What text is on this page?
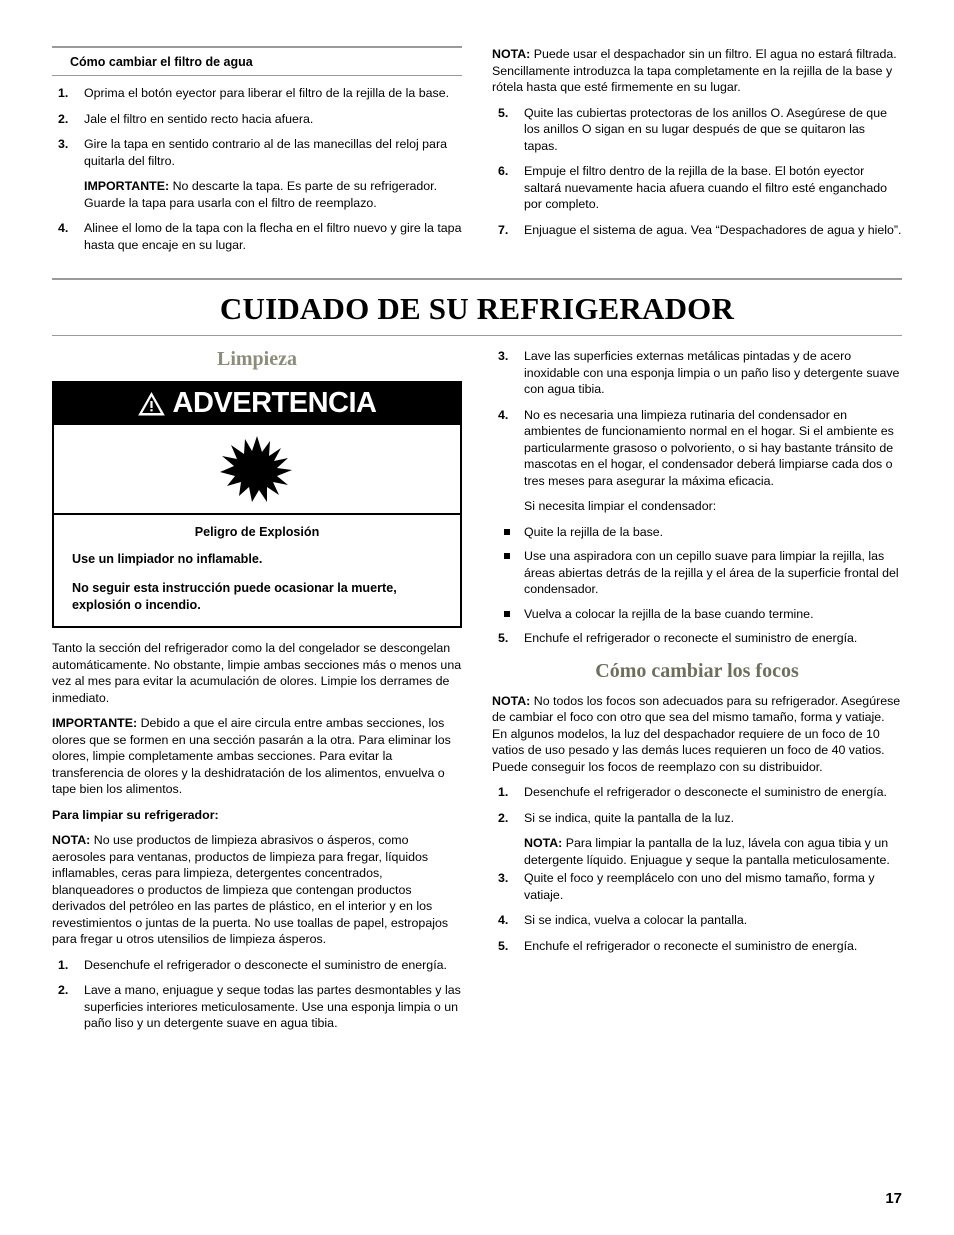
Cómo cambiar el filtro de agua
1. Oprima el botón eyector para liberar el filtro de la rejilla de la base.
2. Jale el filtro en sentido recto hacia afuera.
3. Gire la tapa en sentido contrario al de las manecillas del reloj para quitarla del filtro.

IMPORTANTE: No descarte la tapa. Es parte de su refrigerador. Guarde la tapa para usarla con el filtro de reemplazo.

4. Alinee el lomo de la tapa con la flecha en el filtro nuevo y gire la tapa hasta que encaje en su lugar.

NOTA: Puede usar el despachador sin un filtro. El agua no estará filtrada. Sencillamente introduzca la tapa completamente en la rejilla de la base y rótela hasta que esté firmemente en su lugar.

5. Quite las cubiertas protectoras de los anillos O. Asegúrese de que los anillos O sigan en su lugar después de que se quitaron las tapas.
6. Empuje el filtro dentro de la rejilla de la base. El botón eyector saltará nuevamente hacia afuera cuando el filtro esté enganchado por completo.
7. Enjuague el sistema de agua. Vea “Despachadores de agua y hielo”.
CUIDADO DE SU REFRIGERADOR
Limpieza
ADVERTENCIA
Peligro de Explosión
Use un limpiador no inflamable.
No seguir esta instrucción puede ocasionar la muerte, explosión o incendio.

Tanto la sección del refrigerador como la del congelador se descongelan automáticamente. No obstante, limpie ambas secciones más o menos una vez al mes para evitar la acumulación de olores. Limpie los derrames de inmediato.

IMPORTANTE: Debido a que el aire circula entre ambas secciones, los olores que se formen en una sección pasarán a la otra. Para eliminar los olores, limpie completamente ambas secciones. Para evitar la transferencia de olores y la deshidratación de los alimentos, envuelva o tape bien los alimentos.

Para limpiar su refrigerador:

NOTA: No use productos de limpieza abrasivos o ásperos, como aerosoles para ventanas, productos de limpieza para fregar, líquidos inflamables, ceras para limpieza, detergentes concentrados, blanqueadores o productos de limpieza que contengan productos derivados del petróleo en las partes de plástico, en el interior y en los revestimientos o juntas de la puerta. No use toallas de papel, estropajos para fregar u otros utensilios de limpieza ásperos.

1. Desenchufe el refrigerador o desconecte el suministro de energía.
2. Lave a mano, enjuague y seque todas las partes desmontables y las superficies interiores meticulosamente. Use una esponja limpia o un paño liso y un detergente suave en agua tibia.
3. Lave las superficies externas metálicas pintadas y de acero inoxidable con una esponja limpia o un paño liso y detergente suave con agua tibia.
4. No es necesaria una limpieza rutinaria del condensador en ambientes de funcionamiento normal en el hogar. Si el ambiente es particularmente grasoso o polvoriento, o si hay bastante tránsito de mascotas en el hogar, el condensador deberá limpiarse cada dos o tres meses para asegurar la máxima eficacia.

Si necesita limpiar el condensador:

Quite la rejilla de la base.
Use una aspiradora con un cepillo suave para limpiar la rejilla, las áreas abiertas detrás de la rejilla y el área de la superficie frontal del condensador.
Vuelva a colocar la rejilla de la base cuando termine.
5. Enchufe el refrigerador o reconecte el suministro de energía.
Cómo cambiar los focos

NOTA: No todos los focos son adecuados para su refrigerador. Asegúrese de cambiar el foco con otro que sea del mismo tamaño, forma y vatiaje. En algunos modelos, la luz del despachador requiere de un foco de 10 vatios de uso pesado y las demás luces requieren un foco de 40 vatios. Puede conseguir los focos de reemplazo con su distribuidor.

1. Desenchufe el refrigerador o desconecte el suministro de energía.
2. Si se indica, quite la pantalla de la luz.

NOTA: Para limpiar la pantalla de la luz, lávela con agua tibia y un detergente líquido. Enjuague y seque la pantalla meticulosamente.

3. Quite el foco y reemplácelo con uno del mismo tamaño, forma y vatiaje.
4. Si se indica, vuelva a colocar la pantalla.
5. Enchufe el refrigerador o reconecte el suministro de energía.
17
